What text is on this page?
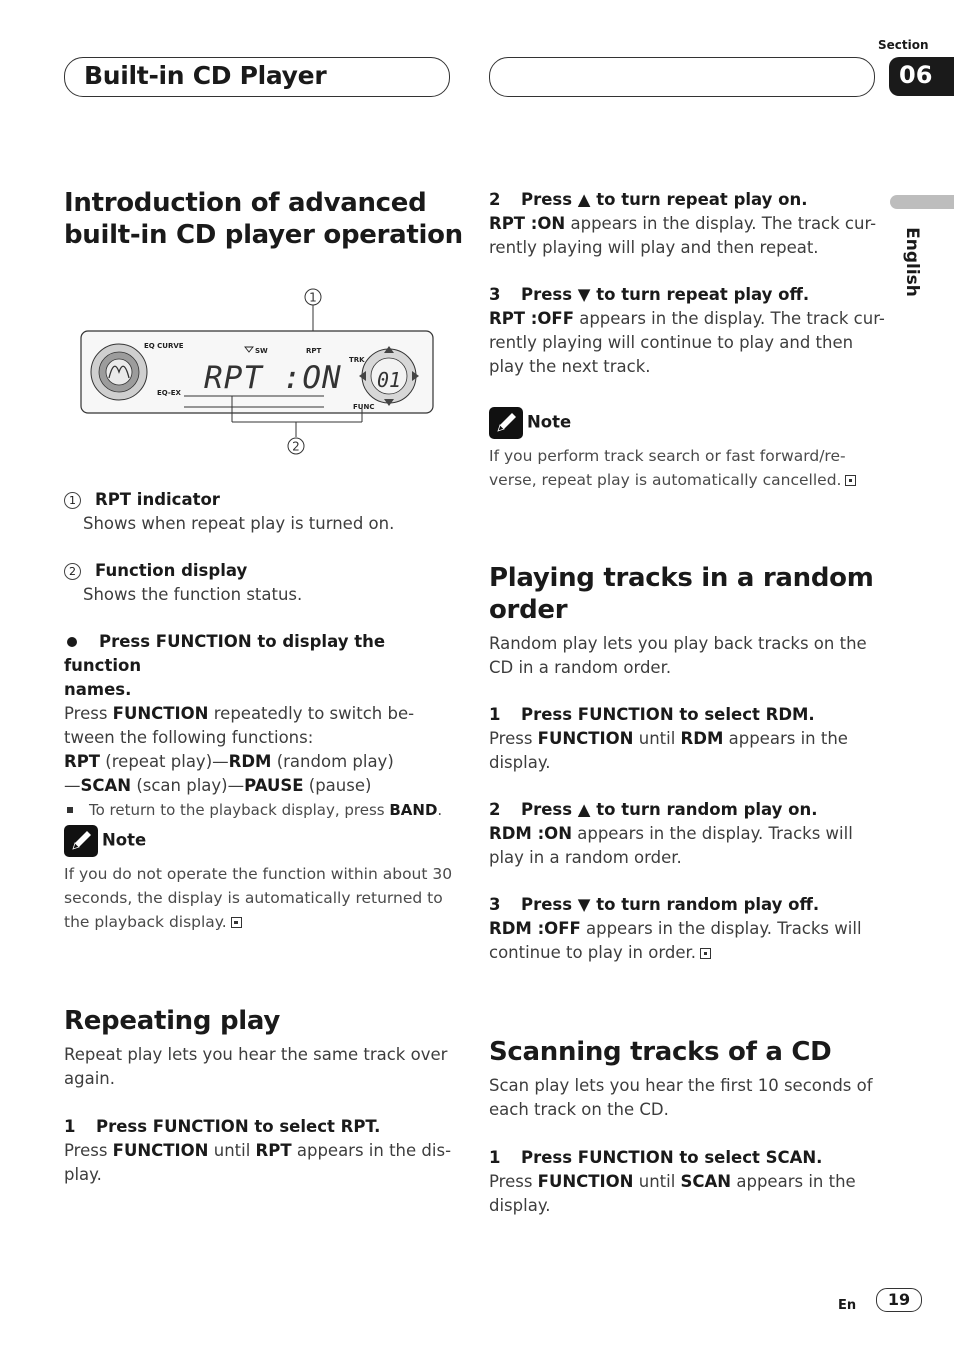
Section
06
Built-in CD Player
English
Introduction of advanced
built-in CD player operation
1
EQ CURVE
EQ-EX
SW	RPT
TRK
FUNC
RPT :ON 01
2
1 RPT indicator
Shows when repeat play is turned on.
2 Function display
Shows the function status.
Press FUNCTION to display the function
names.
Press FUNCTION repeatedly to switch be-
tween the following functions:
RPT (repeat play)—RDM (random play)
—SCAN (scan play)—PAUSE (pause)
To return to the playback display, press BAND.
Note
If you do not operate the function within about 30
seconds, the display is automatically returned to
the playback display.
Repeating play
Repeat play lets you hear the same track over
again.
1 Press FUNCTION to select RPT.
Press FUNCTION until RPT appears in the dis-
play.
2 Press ▲ to turn repeat play on.
RPT :ON appears in the display. The track cur-
rently playing will play and then repeat.
3 Press ▼ to turn repeat play off.
RPT :OFF appears in the display. The track cur-
rently playing will continue to play and then
play the next track.
Note
If you perform track search or fast forward/re-
verse, repeat play is automatically cancelled.
Playing tracks in a random
order
Random play lets you play back tracks on the
CD in a random order.
1 Press FUNCTION to select RDM.
Press FUNCTION until RDM appears in the
display.
2 Press ▲ to turn random play on.
RDM :ON appears in the display. Tracks will
play in a random order.
3 Press ▼ to turn random play off.
RDM :OFF appears in the display. Tracks will
continue to play in order.
Scanning tracks of a CD
Scan play lets you hear the first 10 seconds of
each track on the CD.
1 Press FUNCTION to select SCAN.
Press FUNCTION until SCAN appears in the
display.
En	19
